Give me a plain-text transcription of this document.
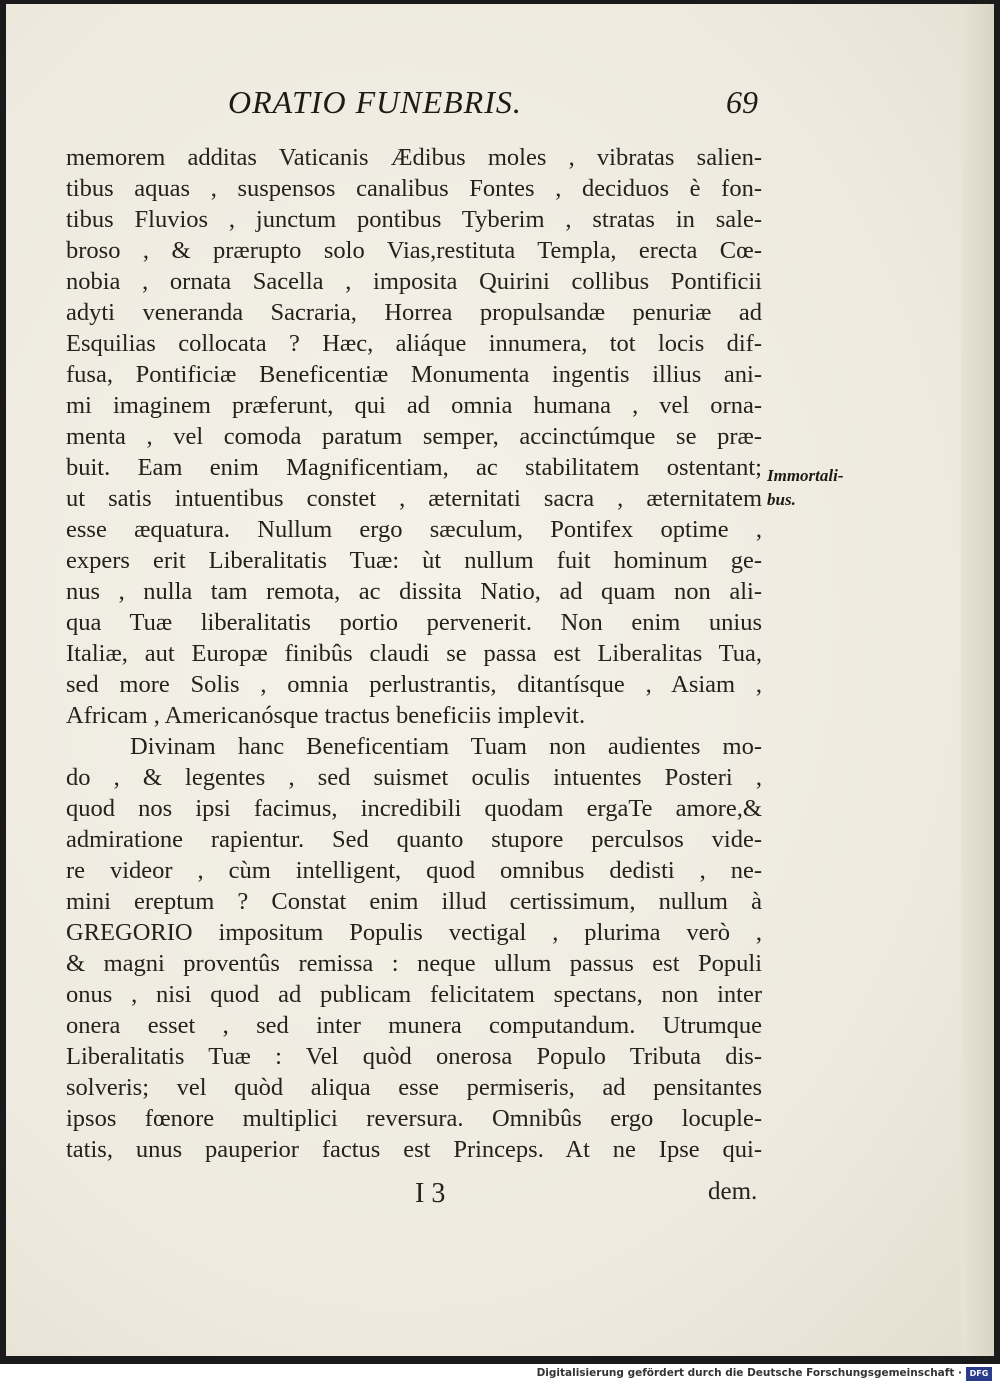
ORATIO FUNEBRIS.	69
memorem additas Vaticanis Ædibus moles , vibratas salien-
tibus aquas , suspensos canalibus Fontes , deciduos è fon-
tibus Fluvios , junctum pontibus Tyberim , stratas in sale-
broso , & prærupto solo Vias,restituta Templa, erecta Cœ-
nobia , ornata Sacella , imposita Quirini collibus Pontificii
adyti veneranda Sacraria, Horrea propulsandæ penuriæ ad
Esquilias collocata ? Hæc, aliáque innumera, tot locis dif-
fusa, Pontificiæ Beneficentiæ Monumenta ingentis illius ani-
mi imaginem præferunt, qui ad omnia humana , vel orna-
menta , vel comoda paratum semper, accinctúmque se præ-
buit. Eam enim Magnificentiam, ac stabilitatem ostentant;
ut satis intuentibus constet , æternitati sacra , æternitatem
esse æquatura. Nullum ergo sæculum, Pontifex optime ,
expers erit Liberalitatis Tuæ: ùt nullum fuit hominum ge-
nus , nulla tam remota, ac dissita Natio, ad quam non ali-
qua Tuæ liberalitatis portio pervenerit. Non enim unius
Italiæ, aut Europæ finibûs claudi se passa est Liberalitas Tua,
sed more Solis , omnia perlustrantis, ditantísque , Asiam ,
Africam , Americanósque tractus beneficiis implevit.
Divinam hanc Beneficentiam Tuam non audientes mo-
do , & legentes , sed suismet oculis intuentes Posteri ,
quod nos ipsi facimus, incredibili quodam ergaTe amore,&
admiratione rapientur. Sed quanto stupore perculsos vide-
re videor , cùm intelligent, quod omnibus dedisti , ne-
mini ereptum ? Constat enim illud certissimum, nullum à
GREGORIO impositum Populis vectigal , plurima verò ,
& magni proventûs remissa : neque ullum passus est Populi
onus , nisi quod ad publicam felicitatem spectans, non inter
onera esset , sed inter munera computandum. Utrumque
Liberalitatis Tuæ : Vel quòd onerosa Populo Tributa dis-
solveris; vel quòd aliqua esse permiseris, ad pensitantes
ipsos fœnore multiplici reversura. Omnibûs ergo locuple-
tatis, unus pauperior factus est Princeps. At ne Ipse qui-
Immortali-
bus.
I 3	dem.
Digitalisierung gefördert durch die Deutsche Forschungsgemeinschaft · DFG
